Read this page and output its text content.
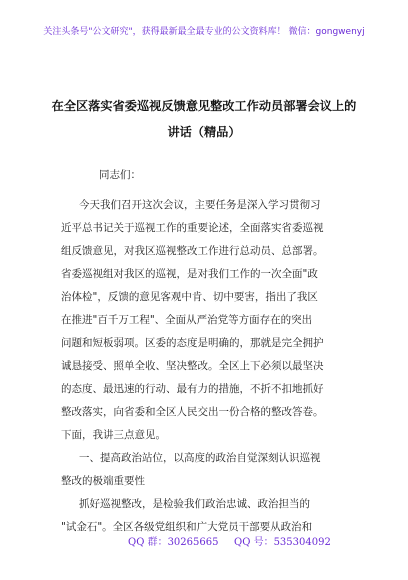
关注头条号"公文研究"，获得最新最全最专业的公文资料库！ 微信：gongwenyj
在全区落实省委巡视反馈意见整改工作动员部署会议上的
讲话（精品）
同志们：
今天我们召开这次会议，主要任务是深入学习贯彻习
近平总书记关于巡视工作的重要论述，全面落实省委巡视
组反馈意见，对我区巡视整改工作进行总动员、总部署。
省委巡视组对我区的巡视，是对我们工作的一次全面"政
治体检"，反馈的意见客观中肯、切中要害，指出了我区
在推进"百千万工程"、全面从严治党等方面存在的突出
问题和短板弱项。区委的态度是明确的，那就是完全拥护
诚恳接受、照单全收、坚决整改。全区上下必须以最坚决
的态度、最迅速的行动、最有力的措施，不折不扣地抓好
整改落实，向省委和全区人民交出一份合格的整改答卷。
下面，我讲三点意见。
一、提高政治站位，以高度的政治自觉深刻认识巡视
整改的极端重要性
抓好巡视整改，是检验我们政治忠诚、政治担当的
"试金石"。全区各级党组织和广大党员干部要从政治和
QQ 群：30265665 QQ 号：535304092
